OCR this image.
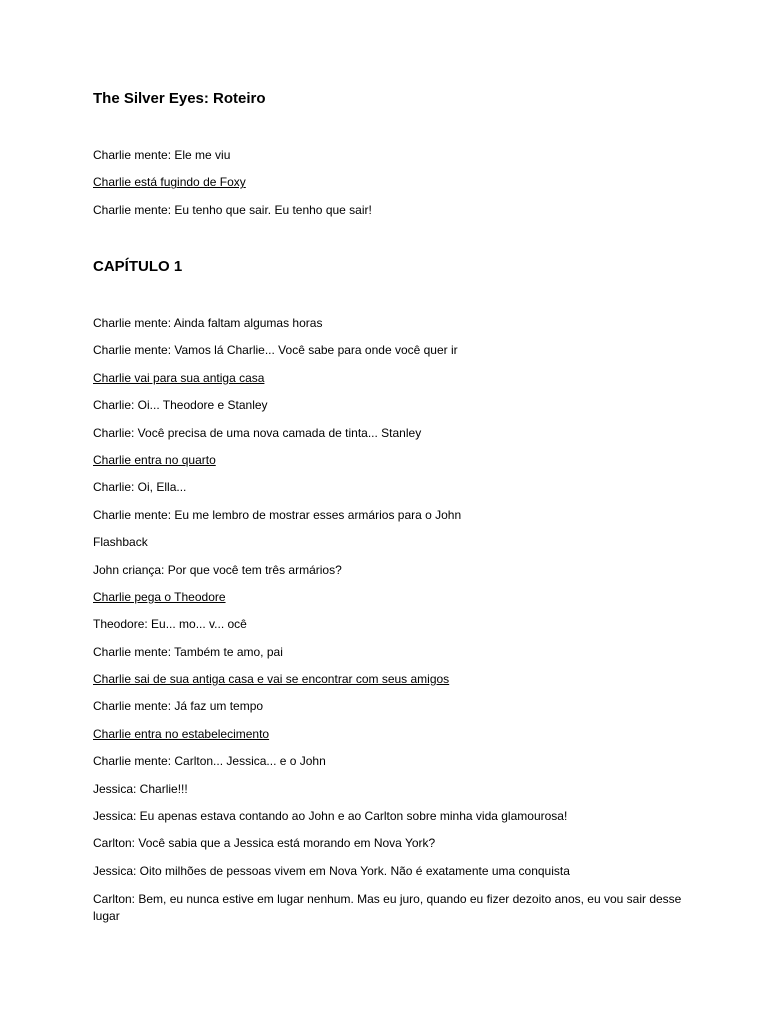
The Silver Eyes: Roteiro

Charlie mente: Ele me viu

Charlie está fugindo de Foxy

Charlie mente: Eu tenho que sair. Eu tenho que sair!

CAPÍTULO 1

Charlie mente: Ainda faltam algumas horas

Charlie mente: Vamos lá Charlie... Você sabe para onde você quer ir

Charlie vai para sua antiga casa

Charlie: Oi... Theodore e Stanley

Charlie: Você precisa de uma nova camada de tinta... Stanley

Charlie entra no quarto

Charlie: Oi, Ella...

Charlie mente: Eu me lembro de mostrar esses armários para o John

Flashback

John criança: Por que você tem três armários?

Charlie pega o Theodore

Theodore: Eu... mo... v... ocê

Charlie mente: Também te amo, pai

Charlie sai de sua antiga casa e vai se encontrar com seus amigos

Charlie mente: Já faz um tempo

Charlie entra no estabelecimento

Charlie mente: Carlton... Jessica... e o John

Jessica: Charlie!!!

Jessica: Eu apenas estava contando ao John e ao Carlton sobre minha vida glamourosa!

Carlton: Você sabia que a Jessica está morando em Nova York?

Jessica: Oito milhões de pessoas vivem em Nova York. Não é exatamente uma conquista

Carlton: Bem, eu nunca estive em lugar nenhum. Mas eu juro, quando eu fizer dezoito anos, eu vou sair desse lugar
